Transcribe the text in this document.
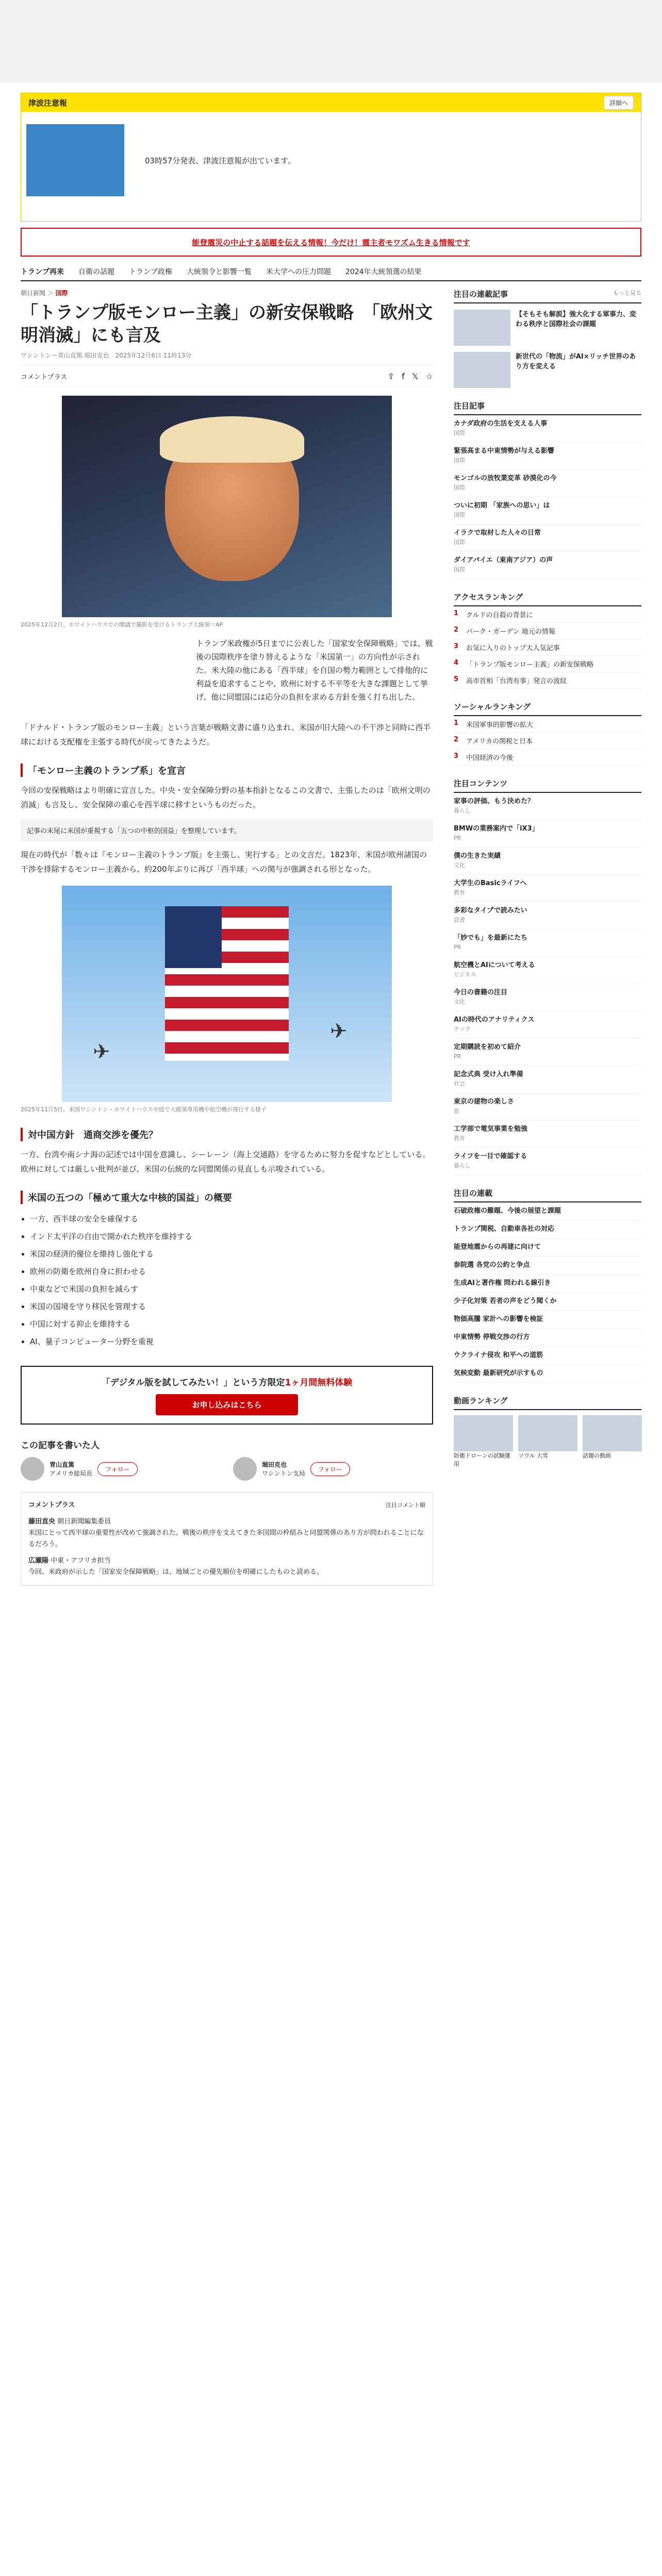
津波注意報	詳細へ
03時57分発表、津波注意報が出ています。
能登震災の中止する話題を伝える情報！今だけ！震主者モワズム生きる情報です
トランプ再来 自衛の話題 トランプ政権 大統領令と影響一覧 米大学への圧力問題 2024年大統領選の結果
朝日新聞 ＞ 国際
「トランプ版モンロー主義」の新安保戦略　「欧州文明消滅」にも言及
ワシントン＝青山直篤 堀田克也　2025年12月6日 11時13分
コメントプラス	⇪ f 𝕏 ☆
2025年12月2日、ホワイトハウスでの閣議で撮影を受けるトランプ大統領＝AP

トランプ米政権が5日までに公表した「国家安全保障戦略」では、戦後の国際秩序を塗り替えるような「米国第一」の方向性が示された。米大陸の他にある「西半球」を自国の勢力範囲として排他的に利益を追求することや、欧州に対する不平等を大きな課題として挙げ、他に同盟国には応分の負担を求める方針を強く打ち出した。

「ドナルド・トランプ版のモンロー主義」という言葉が戦略文書に盛り込まれ、米国が旧大陸への不干渉と同時に西半球における支配権を主張する時代が戻ってきたようだ。

「モンロー主義のトランプ系」を宣言

今回の安保戦略はより明確に宣言した。中央・安全保障分野の基本指針となるこの文書で、主張したのは「欧州文明の消滅」も言及し、安全保障の重心を西半球に移すというものだった。

記事の末尾に米国が重視する「五つの中枢的国益」を整理しています。

現在の時代が「数々は『モンロー主義のトランプ版』を主張し、実行する」との文言だ。1823年、米国が欧州諸国の干渉を排除するモンロー主義から、約200年ぶりに再び「西半球」への関与が強調される形となった。

✈
✈
2025年11月5日、米国ワシントン・ホワイトハウス中庭で大統領専用機や航空機が飛行する様子
対中国方針　通商交渉を優先？

一方、台湾や南シナ海の記述では中国を意識し、シーレーン（海上交通路）を守るために努力を促すなどとしている。欧州に対しては厳しい批判が並び、米国の伝統的な同盟関係の見直しも示唆されている。

米国の五つの「極めて重大な中核的国益」の概要
• 一方、西半球の安全を確保する
• インド太平洋の自由で開かれた秩序を維持する
• 米国の経済的優位を維持し強化する
• 欧州の防衛を欧州自身に担わせる
• 中東などで米国の負担を減らす
• 米国の国境を守り移民を管理する
• 中国に対する抑止を維持する
• AI、量子コンピューター分野を重視
「デジタル版を試してみたい！」という方限定1ヶ月間無料体験
お申し込みはこちら
この記事を書いた人
青山直篤
アメリカ総局長
フォロー
堀田克也
ワシントン支局
フォロー
コメントプラス	注目コメント順
藤田直央 朝日新聞編集委員

米国にとって西半球の重要性が改めて強調された。戦後の秩序を支えてきた多国間の枠組みと同盟関係のあり方が問われることになるだろう。

広瀬陽 中東・アフリカ担当

今回、米政府が示した「国家安全保障戦略」は、地域ごとの優先順位を明確にしたものと読める。

注目の連載記事	もっと見る
【そもそも解説】強大化する軍事力、変わる秩序と国際社会の課題
新世代の「物流」がAI×リッチ世界のあり方を変える
注目記事
カナダ政府の生活を支える人事
国際
緊張高まる中東情勢が与える影響
国際
モンゴルの放牧業変革 砂漠化の今
国際
ついに初期 「家族への思い」は
国際
イラクで取材した人々の日常
国際
ダイアパイエ（東南アジア）の声
国際
アクセスランキング
1	クルドの自殺の背景に
2	パーク・ガーデン 地元の情報
3	お気に入りのトップ大人気記事
4	「トランプ版モンロー主義」の新安保戦略
5	高市首相「台湾有事」発言の波紋
ソーシャルランキング
1	米国軍事的影響の拡大
2	アメリカの関税と日本
3	中国経済の今後
注目コンテンツ
家事の評価、もう決めた？
暮らし
BMWの業務案内で「iX3」
PR
僕の生きた実績
文化
大学生のBasicライフへ
教育
多彩なタイプで読みたい
読書
「妙でも」を最新にたち
PR
航空機とAIについて考える
ビジネス
今日の書籍の注目
文化
AIの時代のアナリティクス
テック
定期購読を初めて紹介
PR
記念式典 受け入れ準備
社会
東京の建物の楽しさ
旅
工学部で電気事業を勉強
教育
ライフを一目で確認する
暮らし
注目の連載
石破政権の難題、今後の展望と課題
トランプ関税、自動車各社の対応
能登地震からの再建に向けて
参院選 各党の公約と争点
生成AIと著作権 問われる線引き
少子化対策 若者の声をどう聞くか
物価高騰 家計への影響を検証
中東情勢 停戦交渉の行方
ウクライナ侵攻 和平への道筋
気候変動 最新研究が示すもの
動画ランキング
防衛ドローンの試験運用
ソウル 大雪	話題の動画
